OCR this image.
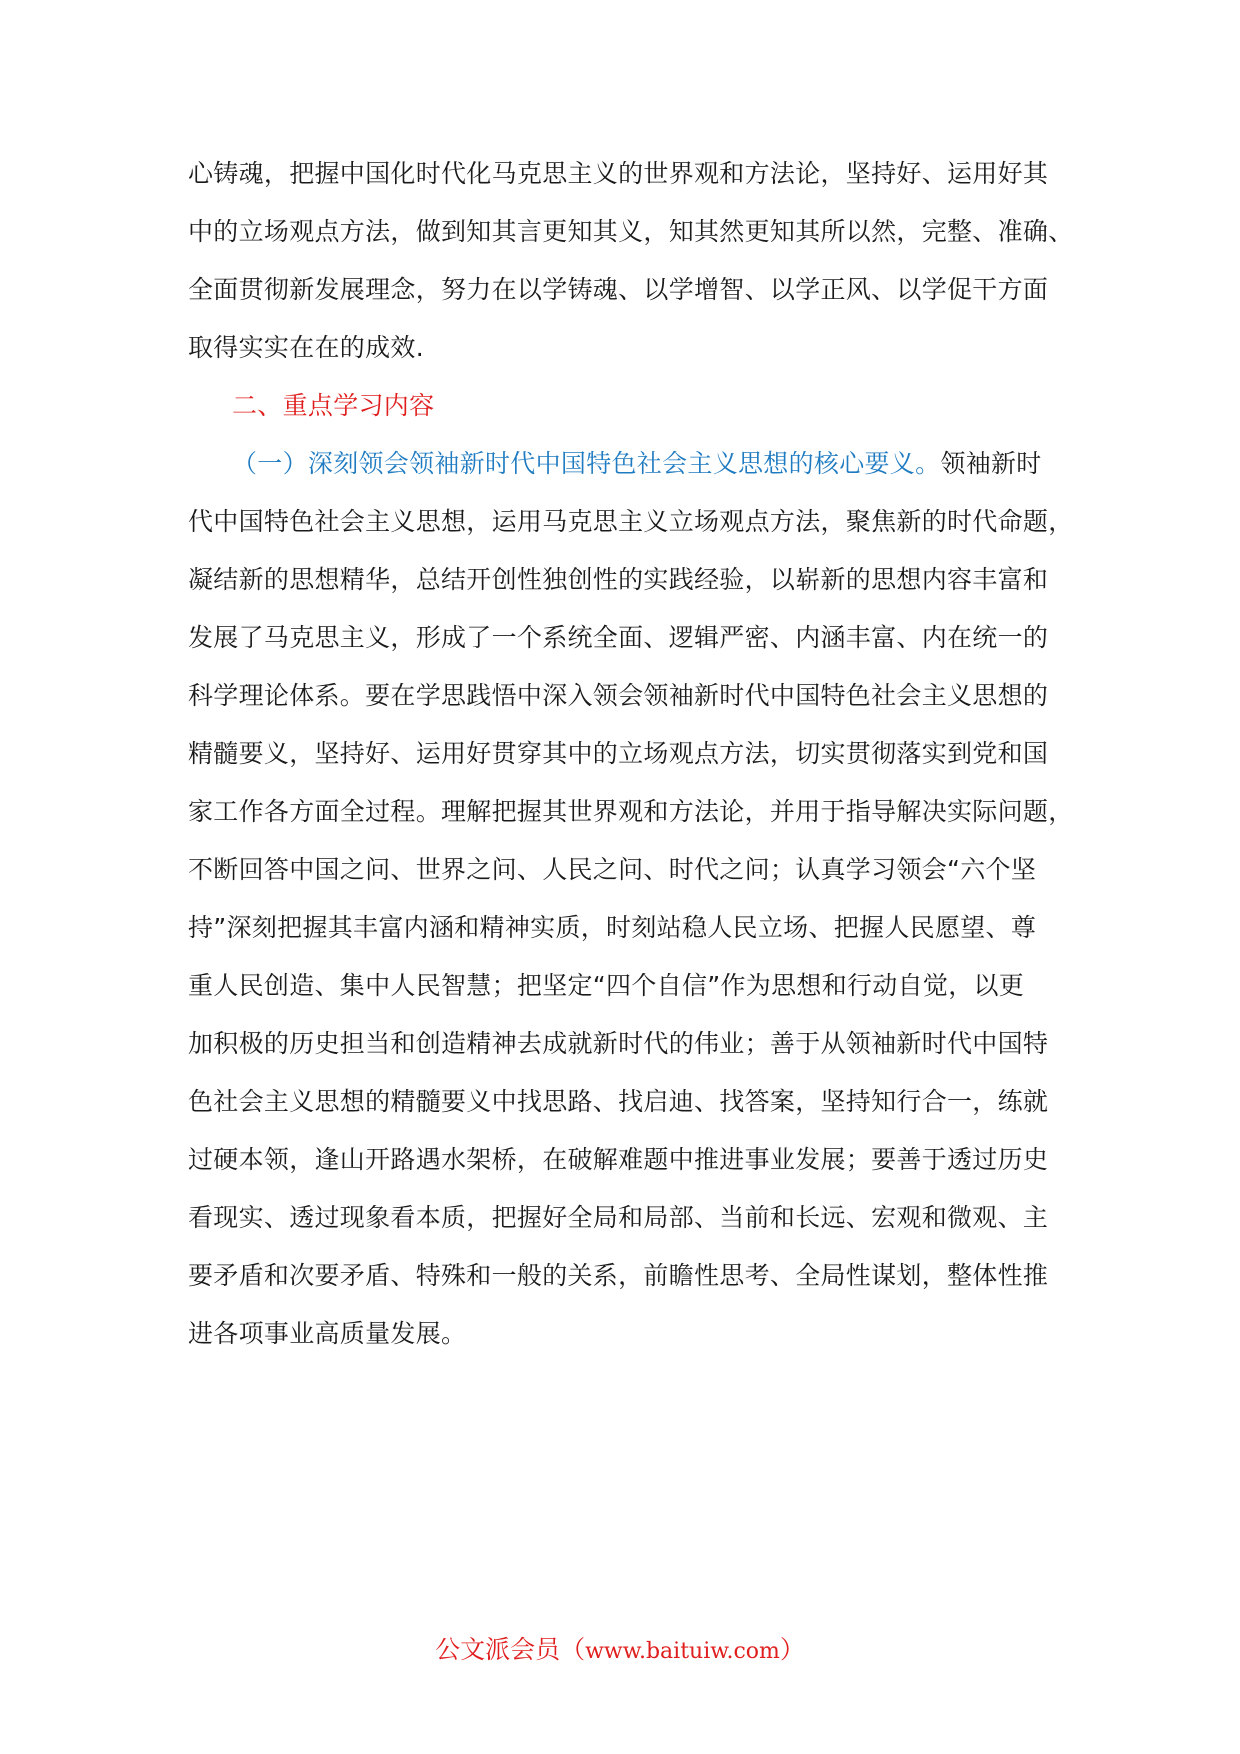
心铸魂，把握中国化时代化马克思主义的世界观和方法论，坚持好、运用好其
中的立场观点方法，做到知其言更知其义，知其然更知其所以然，完整、准确、
全面贯彻新发展理念，努力在以学铸魂、以学增智、以学正风、以学促干方面
取得实实在在的成效.
二、重点学习内容
（一）深刻领会领袖新时代中国特色社会主义思想的核心要义。领袖新时
代中国特色社会主义思想，运用马克思主义立场观点方法，聚焦新的时代命题，
凝结新的思想精华，总结开创性独创性的实践经验，以崭新的思想内容丰富和
发展了马克思主义，形成了一个系统全面、逻辑严密、内涵丰富、内在统一的
科学理论体系。要在学思践悟中深入领会领袖新时代中国特色社会主义思想的
精髓要义，坚持好、运用好贯穿其中的立场观点方法，切实贯彻落实到党和国
家工作各方面全过程。理解把握其世界观和方法论，并用于指导解决实际问题，
不断回答中国之问、世界之问、人民之问、时代之问；认真学习领会“六个坚
持”深刻把握其丰富内涵和精神实质，时刻站稳人民立场、把握人民愿望、尊
重人民创造、集中人民智慧；把坚定“四个自信”作为思想和行动自觉，以更
加积极的历史担当和创造精神去成就新时代的伟业；善于从领袖新时代中国特
色社会主义思想的精髓要义中找思路、找启迪、找答案，坚持知行合一，练就
过硬本领，逢山开路遇水架桥，在破解难题中推进事业发展；要善于透过历史
看现实、透过现象看本质，把握好全局和局部、当前和长远、宏观和微观、主
要矛盾和次要矛盾、特殊和一般的关系，前瞻性思考、全局性谋划，整体性推
进各项事业高质量发展。
公文派会员（www.baituiw.com）
